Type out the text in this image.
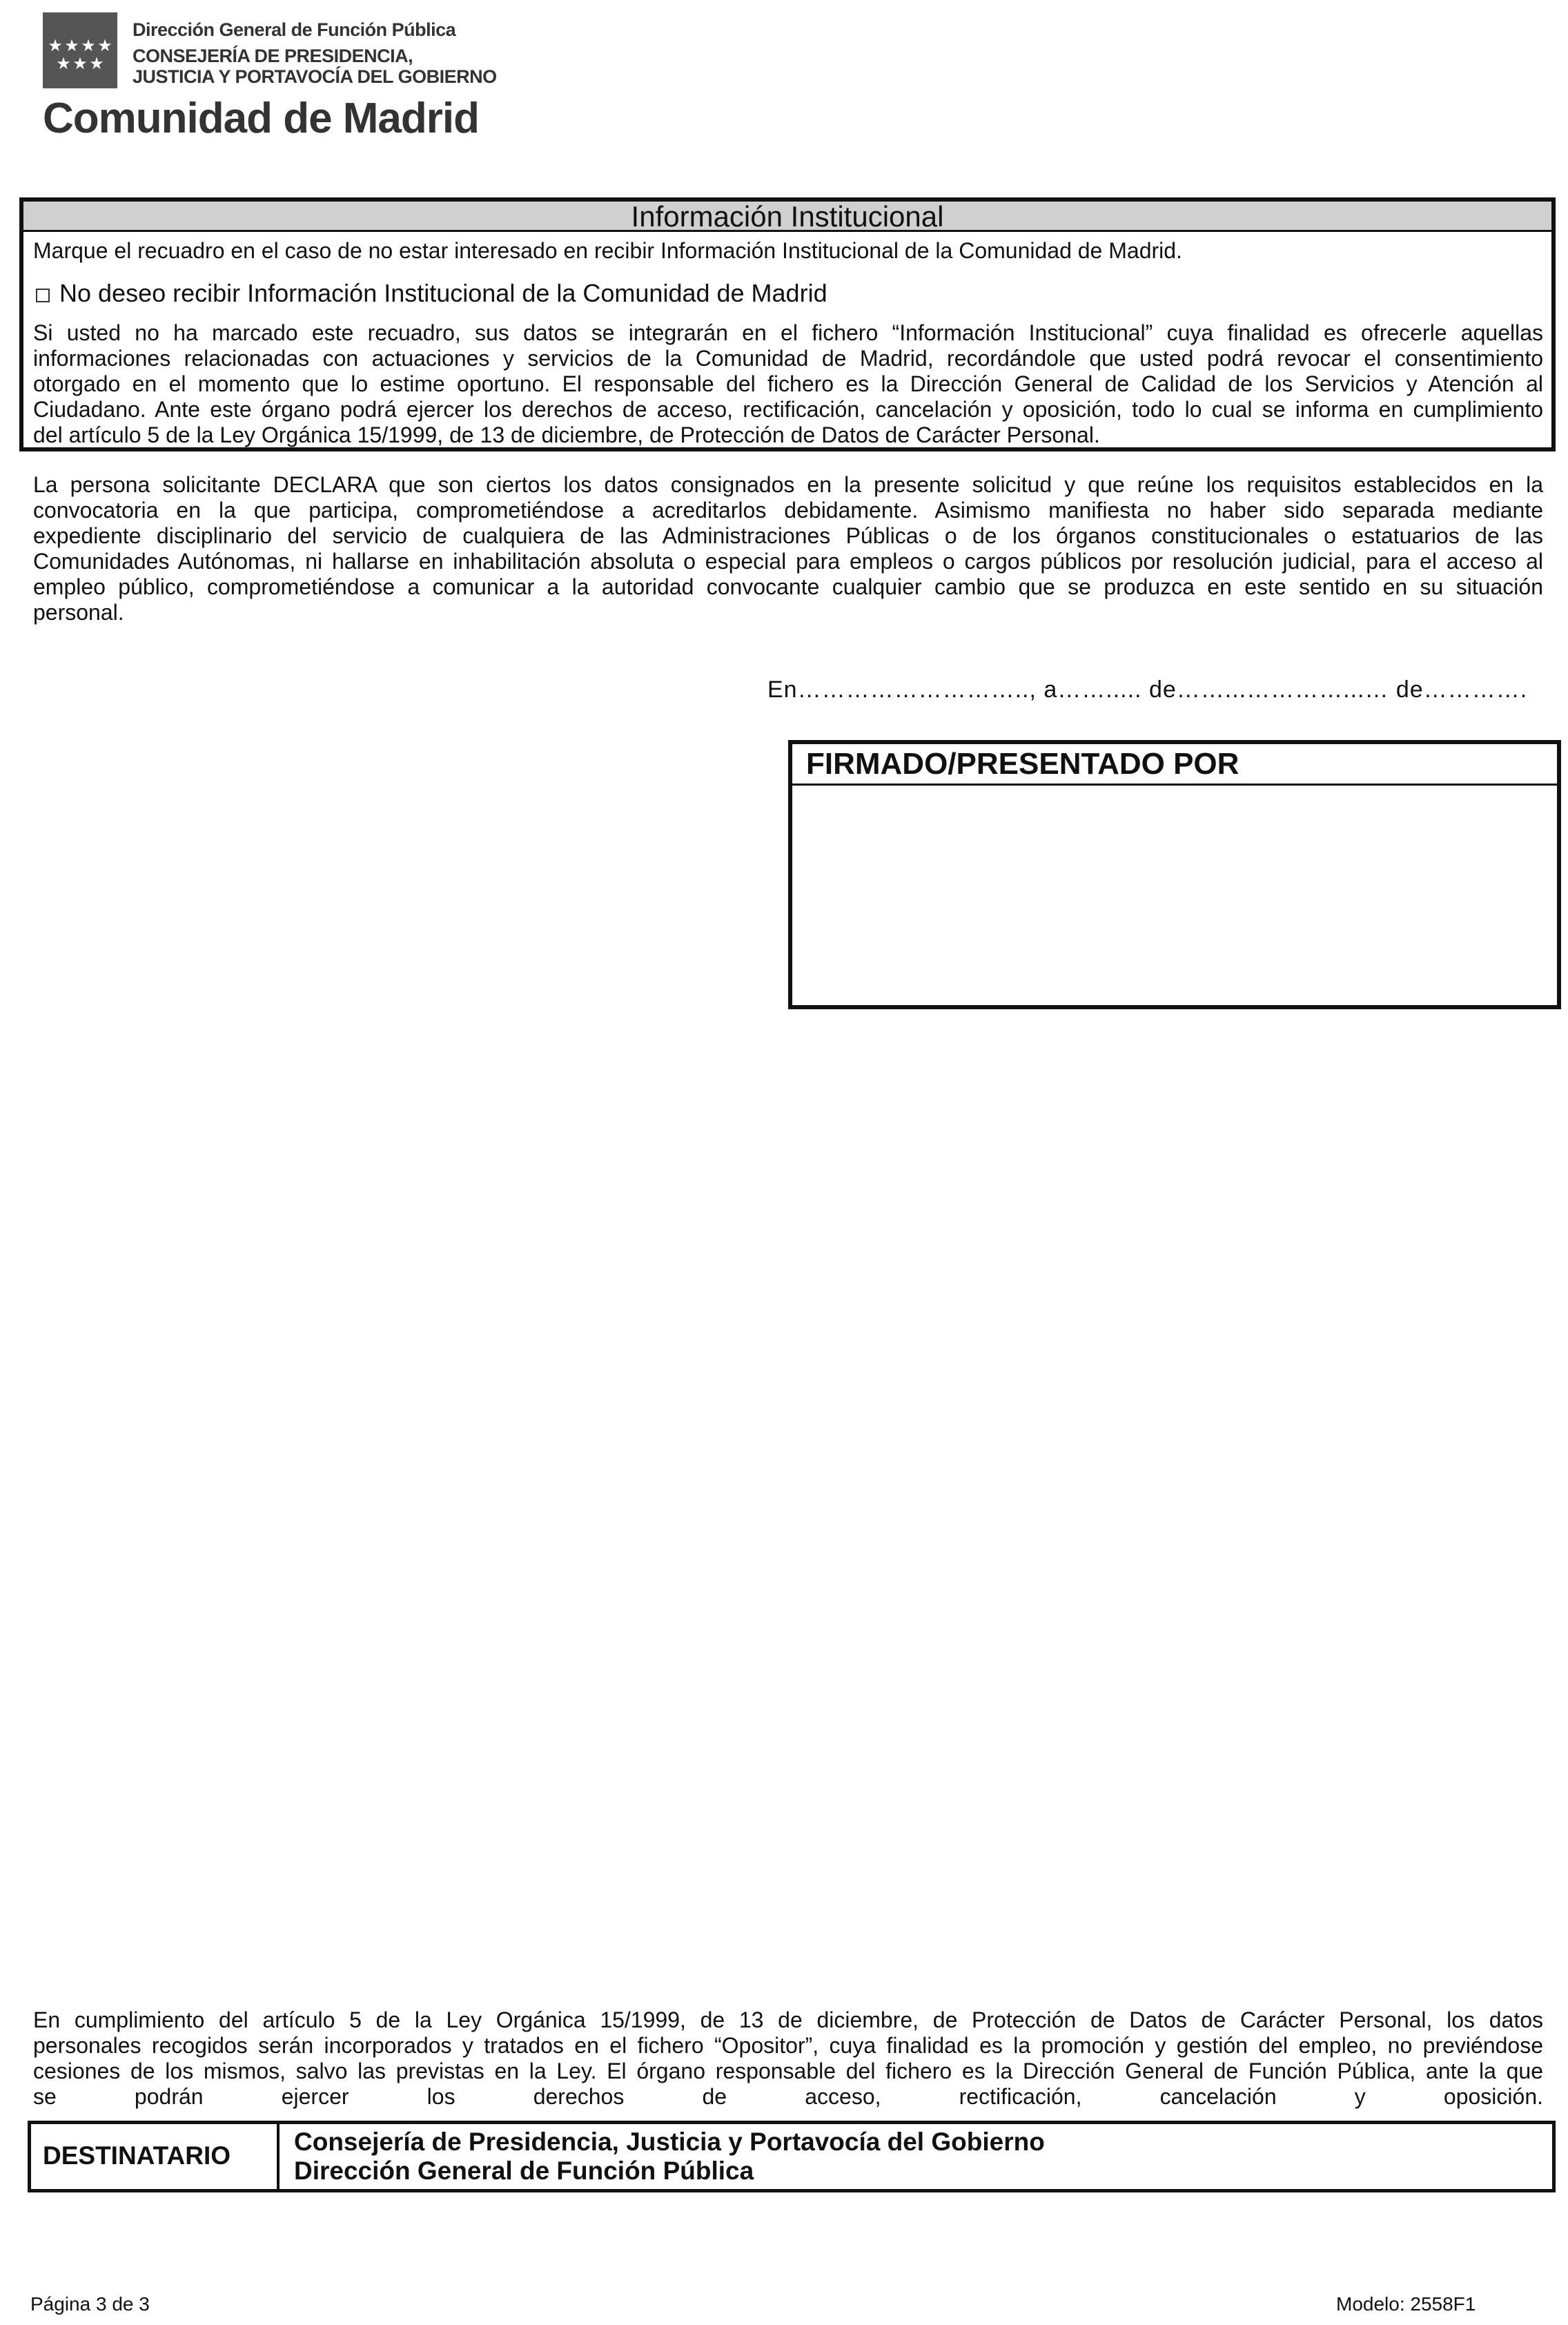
★ ★ ★ ★
★ ★ ★
Dirección General de Función Pública
CONSEJERÍA DE PRESIDENCIA,
JUSTICIA Y PORTAVOCÍA DEL GOBIERNO
Comunidad de Madrid
Información Institucional
Marque el recuadro en el caso de no estar interesado en recibir Información Institucional de la Comunidad de Madrid.
No deseo recibir Información Institucional de la Comunidad de Madrid
Si usted no ha marcado este recuadro, sus datos se integrarán en el fichero “Información Institucional” cuya finalidad es ofrecerle aquellas
informaciones relacionadas con actuaciones y servicios de la Comunidad de Madrid, recordándole que usted podrá revocar el consentimiento
otorgado en el momento que lo estime oportuno. El responsable del fichero es la Dirección General de Calidad de los Servicios y Atención al
Ciudadano. Ante este órgano podrá ejercer los derechos de acceso, rectificación, cancelación y oposición, todo lo cual se informa en cumplimiento
del artículo 5 de la Ley Orgánica 15/1999, de 13 de diciembre, de Protección de Datos de Carácter Personal.
La persona solicitante DECLARA que son ciertos los datos consignados en la presente solicitud y que reúne los requisitos establecidos en la
convocatoria en la que participa, comprometiéndose a acreditarlos debidamente. Asimismo manifiesta no haber sido separada mediante
expediente disciplinario del servicio de cualquiera de las Administraciones Públicas o de los órganos constitucionales o estatuarios de las
Comunidades Autónomas, ni hallarse en inhabilitación absoluta o especial para empleos o cargos públicos por resolución judicial, para el acceso al
empleo público, comprometiéndose a comunicar a la autoridad convocante cualquier cambio que se produzca en este sentido en su situación
personal.
En……………………….., a……..... de……...…………...… de………….
FIRMADO/PRESENTADO POR
En cumplimiento del artículo 5 de la Ley Orgánica 15/1999, de 13 de diciembre, de Protección de Datos de Carácter Personal, los datos
personales recogidos serán incorporados y tratados en el fichero “Opositor”, cuya finalidad es la promoción y gestión del empleo, no previéndose
cesiones de los mismos, salvo las previstas en la Ley. El órgano responsable del fichero es la Dirección General de Función Pública, ante la que
se podrán ejercer los derechos de acceso, rectificación, cancelación y oposición.
DESTINATARIO Consejería de Presidencia, Justicia y Portavocía del Gobierno
Dirección General de Función Pública
Página 3 de 3	Modelo: 2558F1
